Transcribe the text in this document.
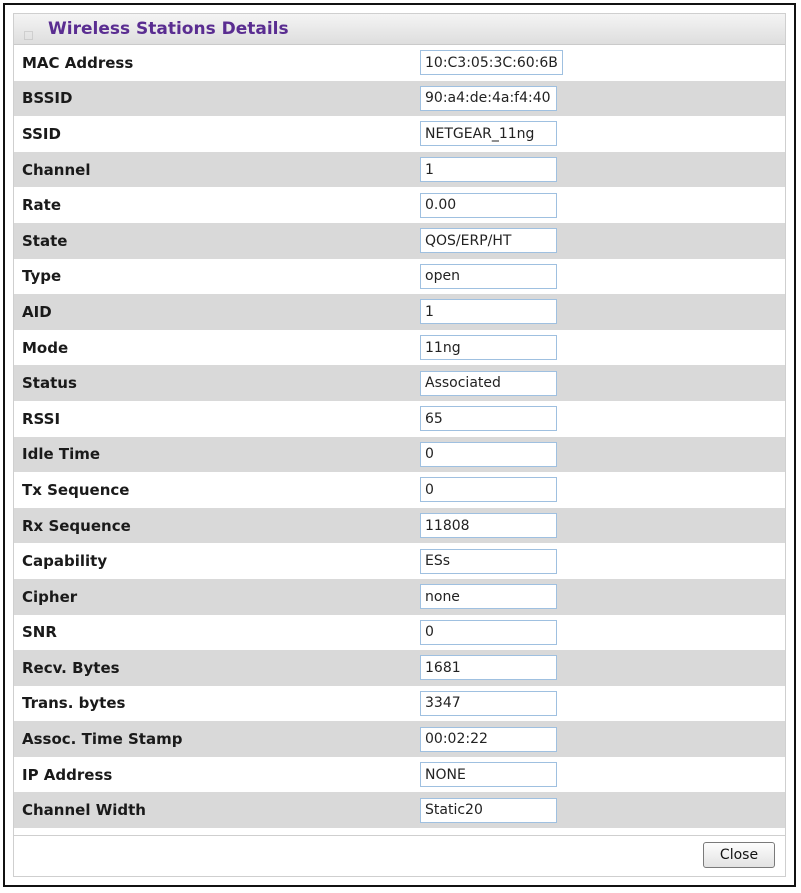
Wireless Stations Details
MAC Address	10:C3:05:3C:60:6B
BSSID	90:a4:de:4a:f4:40
SSID	NETGEAR_11ng
Channel	1
Rate	0.00
State	QOS/ERP/HT
Type	open
AID	1
Mode	11ng
Status	Associated
RSSI	65
Idle Time	0
Tx Sequence	0
Rx Sequence	11808
Capability	ESs
Cipher	none
SNR	0
Recv. Bytes	1681
Trans. bytes	3347
Assoc. Time Stamp	00:02:22
IP Address	NONE
Channel Width	Static20
Close
